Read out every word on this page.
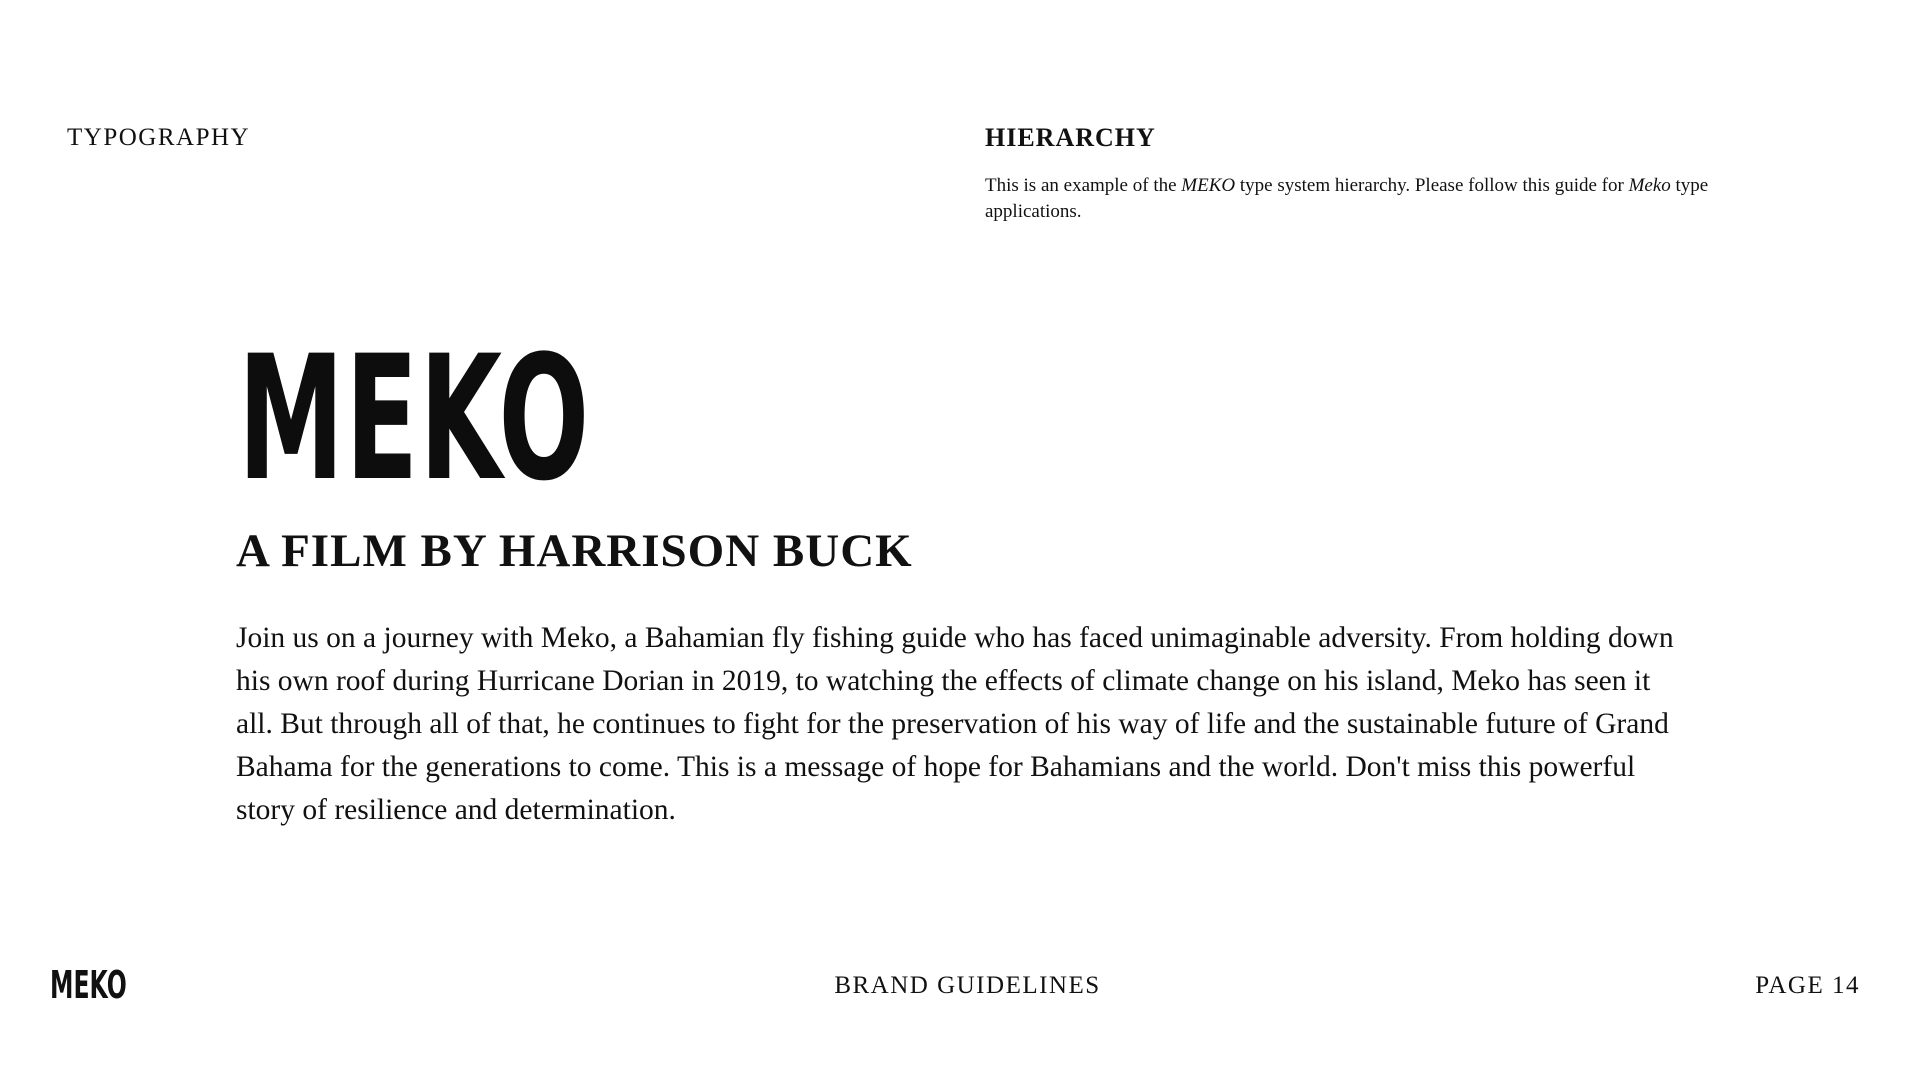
TYPOGRAPHY	HIERARCHY

This is an example of the MEKO type system hierarchy. Please follow this guide for Meko type applications.

MEKO

A FILM BY HARRISON BUCK

Join us on a journey with Meko, a Bahamian fly fishing guide who has faced unimaginable adversity. From holding down his own roof during Hurricane Dorian in 2019, to watching the effects of climate change on his island, Meko has seen it all. But through all of that, he continues to fight for the preservation of his way of life and the sustainable future of Grand Bahama for the generations to come. This is a message of hope for Bahamians and the world. Don't miss this powerful story of resilience and determination.

MEKO	BRAND GUIDELINES	PAGE 14
